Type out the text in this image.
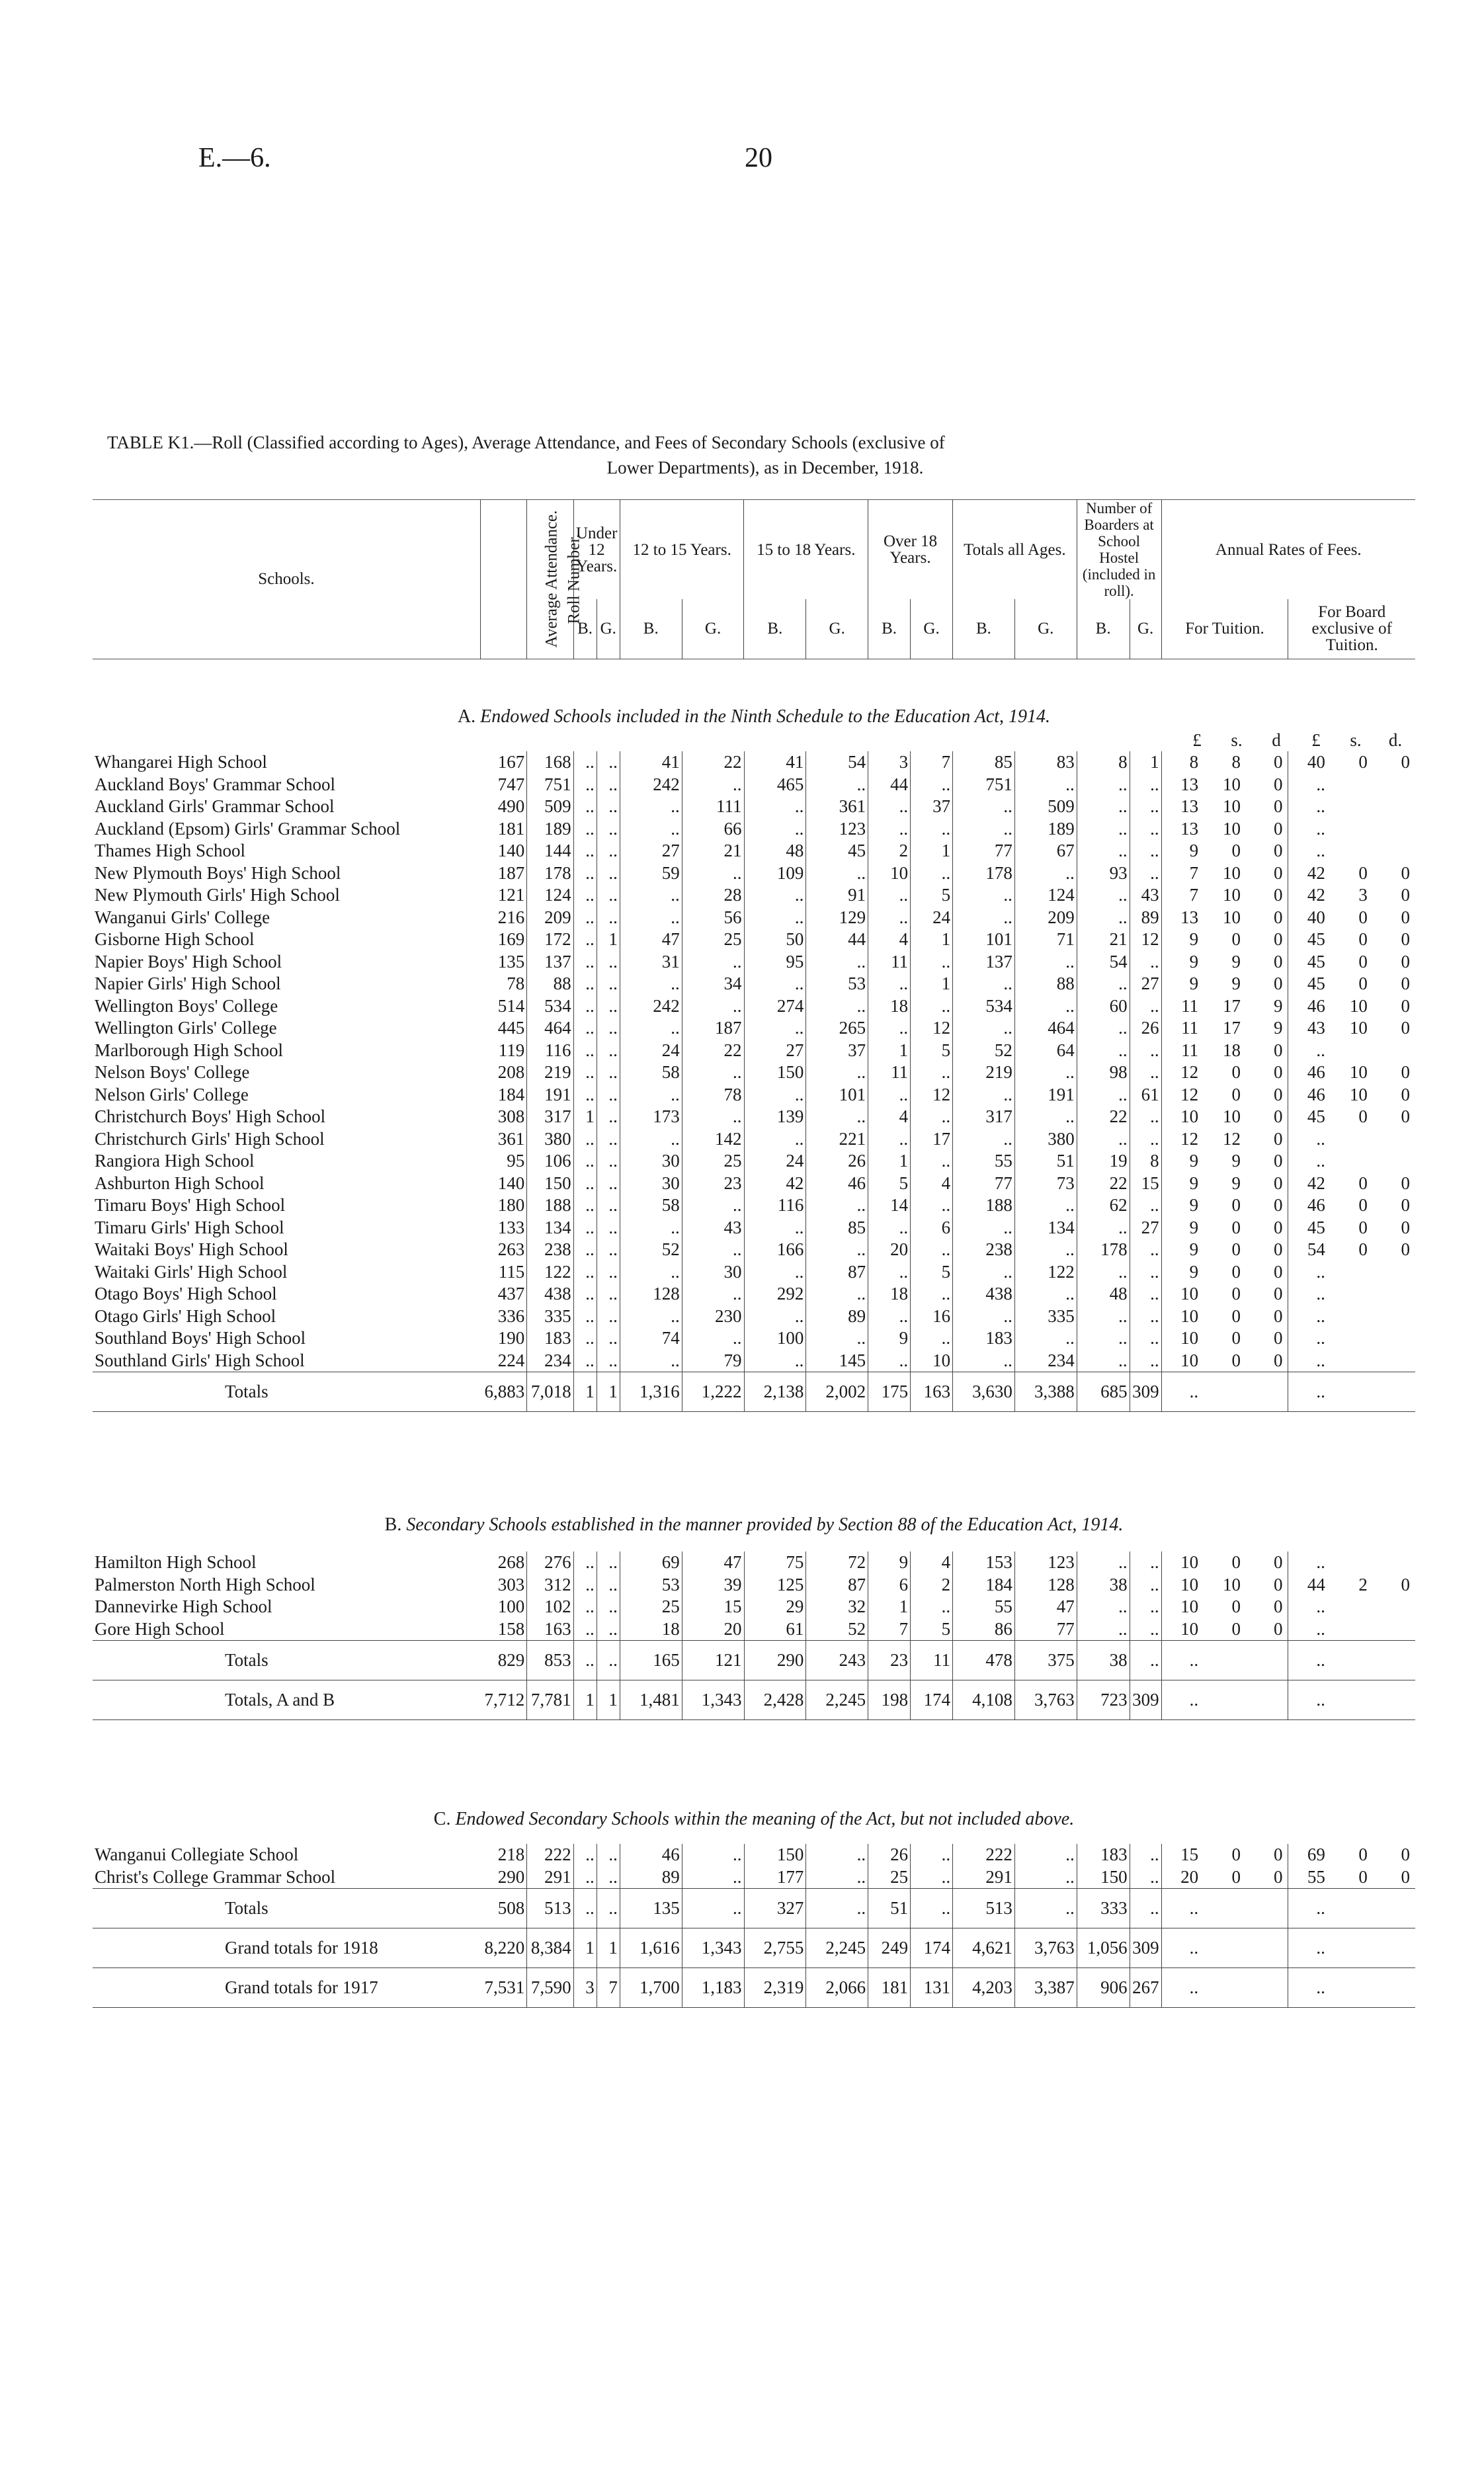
E.—6.	20
TABLE K1.—Roll (Classified according to Ages), Average Attendance, and Fees of Secondary Schools (exclusive of
Lower Departments), as in December, 1918.
Schools.	Average Attendance.	Roll Number.	Under 12 Years.		12 to 15 Years.		15 to 18 Years.		Over 18 Years.		Totals all Ages.		Number of Boarders at School Hostel (included in roll).		Annual Rates of Fees.	
			B.	G.	B.	G.	B.	G.	B.	G.	B.	G.	B.	G.	For Tuition.	For Board exclusive of Tuition.
A. Endowed Schools included in the Ninth Schedule to the Education Act, 1914.
	£	s.	d	£	s.	d.
Whangarei High School	167	168	..	..	41	22	41	54	3	7	85	83	8	1	8	8	0	40	0	0
Auckland Boys' Grammar School	747	751	..	..	242	..	465	..	44	..	751	..	..	..	13	10	0	..		
Auckland Girls' Grammar School	490	509	..	..	..	111	..	361	..	37	..	509	..	..	13	10	0	..		
Auckland (Epsom) Girls' Grammar School	181	189	..	..	..	66	..	123	..	..	..	189	..	..	13	10	0	..		
Thames High School	140	144	..	..	27	21	48	45	2	1	77	67	..	..	9	0	0	..		
New Plymouth Boys' High School	187	178	..	..	59	..	109	..	10	..	178	..	93	..	7	10	0	42	0	0
New Plymouth Girls' High School	121	124	..	..	..	28	..	91	..	5	..	124	..	43	7	10	0	42	3	0
Wanganui Girls' College	216	209	..	..	..	56	..	129	..	24	..	209	..	89	13	10	0	40	0	0
Gisborne High School	169	172	..	1	47	25	50	44	4	1	101	71	21	12	9	0	0	45	0	0
Napier Boys' High School	135	137	..	..	31	..	95	..	11	..	137	..	54	..	9	9	0	45	0	0
Napier Girls' High School	78	88	..	..	..	34	..	53	..	1	..	88	..	27	9	9	0	45	0	0
Wellington Boys' College	514	534	..	..	242	..	274	..	18	..	534	..	60	..	11	17	9	46	10	0
Wellington Girls' College	445	464	..	..	..	187	..	265	..	12	..	464	..	26	11	17	9	43	10	0
Marlborough High School	119	116	..	..	24	22	27	37	1	5	52	64	..	..	11	18	0	..		
Nelson Boys' College	208	219	..	..	58	..	150	..	11	..	219	..	98	..	12	0	0	46	10	0
Nelson Girls' College	184	191	..	..	..	78	..	101	..	12	..	191	..	61	12	0	0	46	10	0
Christchurch Boys' High School	308	317	1	..	173	..	139	..	4	..	317	..	22	..	10	10	0	45	0	0
Christchurch Girls' High School	361	380	..	..	..	142	..	221	..	17	..	380	..	..	12	12	0	..		
Rangiora High School	95	106	..	..	30	25	24	26	1	..	55	51	19	8	9	9	0	..		
Ashburton High School	140	150	..	..	30	23	42	46	5	4	77	73	22	15	9	9	0	42	0	0
Timaru Boys' High School	180	188	..	..	58	..	116	..	14	..	188	..	62	..	9	0	0	46	0	0
Timaru Girls' High School	133	134	..	..	..	43	..	85	..	6	..	134	..	27	9	0	0	45	0	0
Waitaki Boys' High School	263	238	..	..	52	..	166	..	20	..	238	..	178	..	9	0	0	54	0	0
Waitaki Girls' High School	115	122	..	..	..	30	..	87	..	5	..	122	..	..	9	0	0	..		
Otago Boys' High School	437	438	..	..	128	..	292	..	18	..	438	..	48	..	10	0	0	..		
Otago Girls' High School	336	335	..	..	..	230	..	89	..	16	..	335	..	..	10	0	0	..		
Southland Boys' High School	190	183	..	..	74	..	100	..	9	..	183	..	..	..	10	0	0	..		
Southland Girls' High School	224	234	..	..	..	79	..	145	..	10	..	234	..	..	10	0	0	..		
Totals	6,883	7,018	1	1	1,316	1,222	2,138	2,002	175	163	3,630	3,388	685	309	..			..		
B. Secondary Schools established in the manner provided by Section 88 of the Education Act, 1914.
Hamilton High School	268	276	..	..	69	47	75	72	9	4	153	123	..	..	10	0	0	..		
Palmerston North High School	303	312	..	..	53	39	125	87	6	2	184	128	38	..	10	10	0	44	2	0
Dannevirke High School	100	102	..	..	25	15	29	32	1	..	55	47	..	..	10	0	0	..		
Gore High School	158	163	..	..	18	20	61	52	7	5	86	77	..	..	10	0	0	..		
Totals	829	853	..	..	165	121	290	243	23	11	478	375	38	..	..			..		
Totals, A and B	7,712	7,781	1	1	1,481	1,343	2,428	2,245	198	174	4,108	3,763	723	309	..			..		
C. Endowed Secondary Schools within the meaning of the Act, but not included above.
Wanganui Collegiate School	218	222	..	..	46	..	150	..	26	..	222	..	183	..	15	0	0	69	0	0
Christ's College Grammar School	290	291	..	..	89	..	177	..	25	..	291	..	150	..	20	0	0	55	0	0
Totals	508	513	..	..	135	..	327	..	51	..	513	..	333	..	..			..		
Grand totals for 1918	8,220	8,384	1	1	1,616	1,343	2,755	2,245	249	174	4,621	3,763	1,056	309	..			..		
Grand totals for 1917	7,531	7,590	3	7	1,700	1,183	2,319	2,066	181	131	4,203	3,387	906	267	..			..		
